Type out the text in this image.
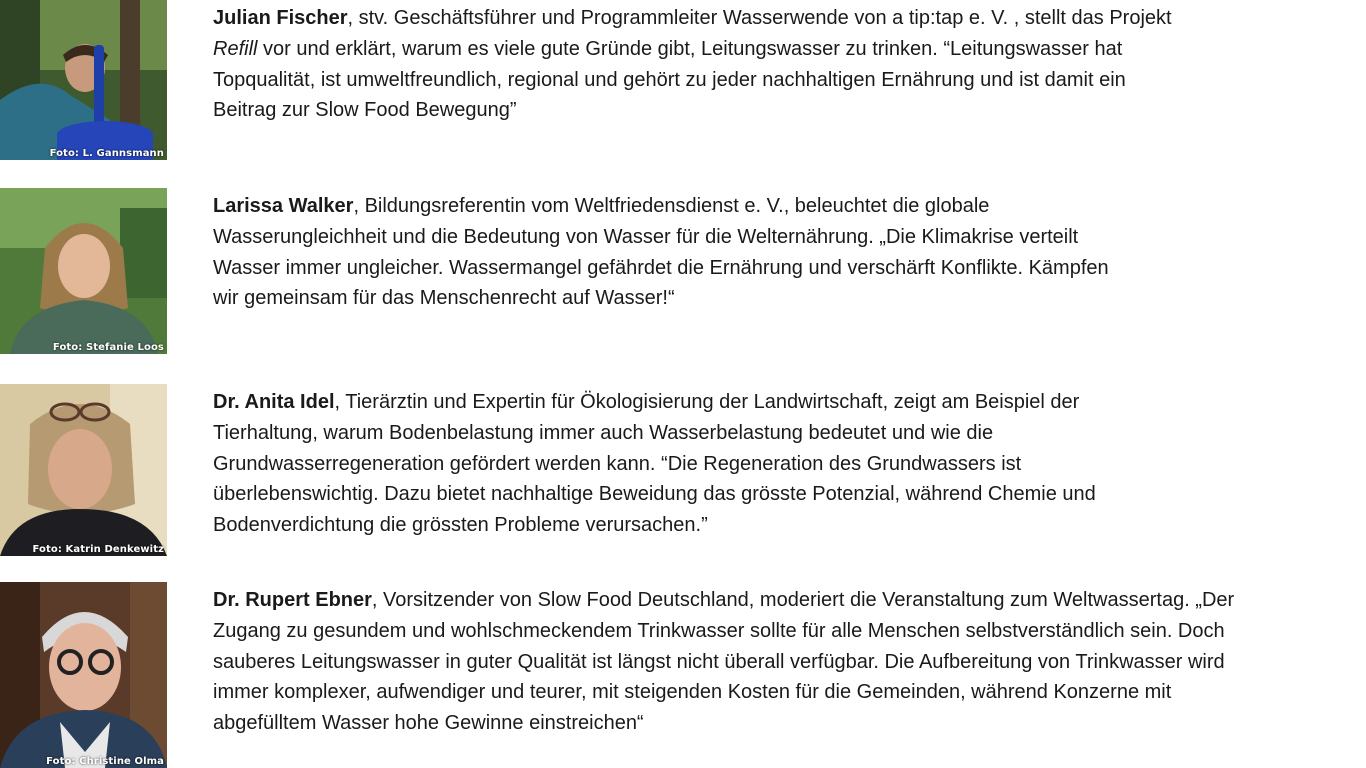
Foto: L. Gannsmann
Julian Fischer, stv. Geschäftsführer und Programmleiter Wasserwende von a tip:tap e. V. , stellt das Projekt
Refill vor und erklärt, warum es viele gute Gründe gibt, Leitungswasser zu trinken. “Leitungswasser hat
Topqualität, ist umweltfreundlich, regional und gehört zu jeder nachhaltigen Ernährung und ist damit ein
Beitrag zur Slow Food Bewegung”
Foto: Stefanie Loos
Larissa Walker, Bildungsreferentin vom Weltfriedensdienst e. V., beleuchtet die globale
Wasserungleichheit und die Bedeutung von Wasser für die Welternährung. „Die Klimakrise verteilt
Wasser immer ungleicher. Wassermangel gefährdet die Ernährung und verschärft Konflikte. Kämpfen
wir gemeinsam für das Menschenrecht auf Wasser!“
Foto: Katrin Denkewitz
Dr. Anita Idel, Tierärztin und Expertin für Ökologisierung der Landwirtschaft, zeigt am Beispiel der
Tierhaltung, warum Bodenbelastung immer auch Wasserbelastung bedeutet und wie die
Grundwasserregeneration gefördert werden kann. “Die Regeneration des Grundwassers ist
überlebenswichtig. Dazu bietet nachhaltige Beweidung das grösste Potenzial, während Chemie und
Bodenverdichtung die grössten Probleme verursachen.”
Foto: Christine Olma
Dr. Rupert Ebner, Vorsitzender von Slow Food Deutschland, moderiert die Veranstaltung zum Weltwassertag. „Der
Zugang zu gesundem und wohlschmeckendem Trinkwasser sollte für alle Menschen selbstverständlich sein. Doch
sauberes Leitungswasser in guter Qualität ist längst nicht überall verfügbar. Die Aufbereitung von Trinkwasser wird
immer komplexer, aufwendiger und teurer, mit steigenden Kosten für die Gemeinden, während Konzerne mit
abgefülltem Wasser hohe Gewinne einstreichen“
